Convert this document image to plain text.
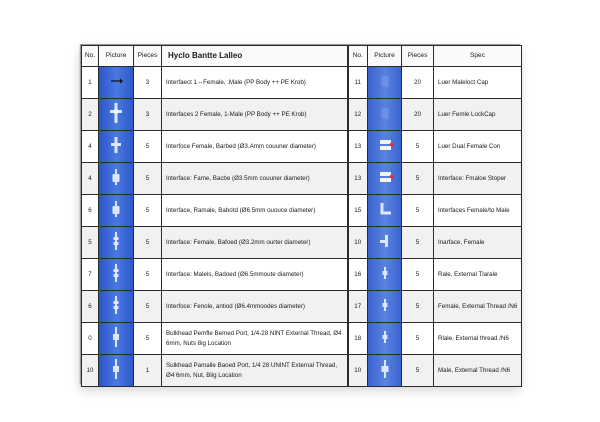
No.	Picture	Pieces	Hyclo Bantte Lalleo	No.	Picture	Pieces	Spec
1		3	Interfaect 1↔Female, .Male (PP Body ++ PE Krob)	11		20	Luer Maleloct Cap
2		3	Interfaces 2 Female, 1-Male (PP Body ++ PE Krob)	12		20	Luer Femle LockCap
4		5	Interfoce Female, Barbed (Ø3.Amm couuner diameter)	13		5	Luer Dual Female Con
4		5	Interface: Fame, Bacbe (Ø3.5mm couuner diameter)	13		5	Interface: Fmaloe Stoper
6		5	Interface, Ramale, Babotd (Ø6.5mm ououce diameter)	15		5	Interfaces Female/to Male
5		5	Interface: Female, Bafoed (Ø3.2mm ourter diameter)	10		5	Inarface, Female
7		5	Interface: Malels, Badoed (Ø6.5mmoute diameter)	16		5	Rale, External Tlarale
6		5	Interfoce: Fenole, antiod (Ø6.4mmoodes diameter)	17		5	Female, External Thread /N6
0		5	Bulkhead Pemfle Bemed Port, 1/4-28 NINT External Thread, Ø4 6mm, Nuts 8ig Location	18		5	Rlale, External thread /N6
10		1	Sulkhead Pamalle Baoed Port, 1/4 28 UNINT External Thread, Ø4 6mm, Nut, Blig Location	10		5	Male, External Thread /N6
